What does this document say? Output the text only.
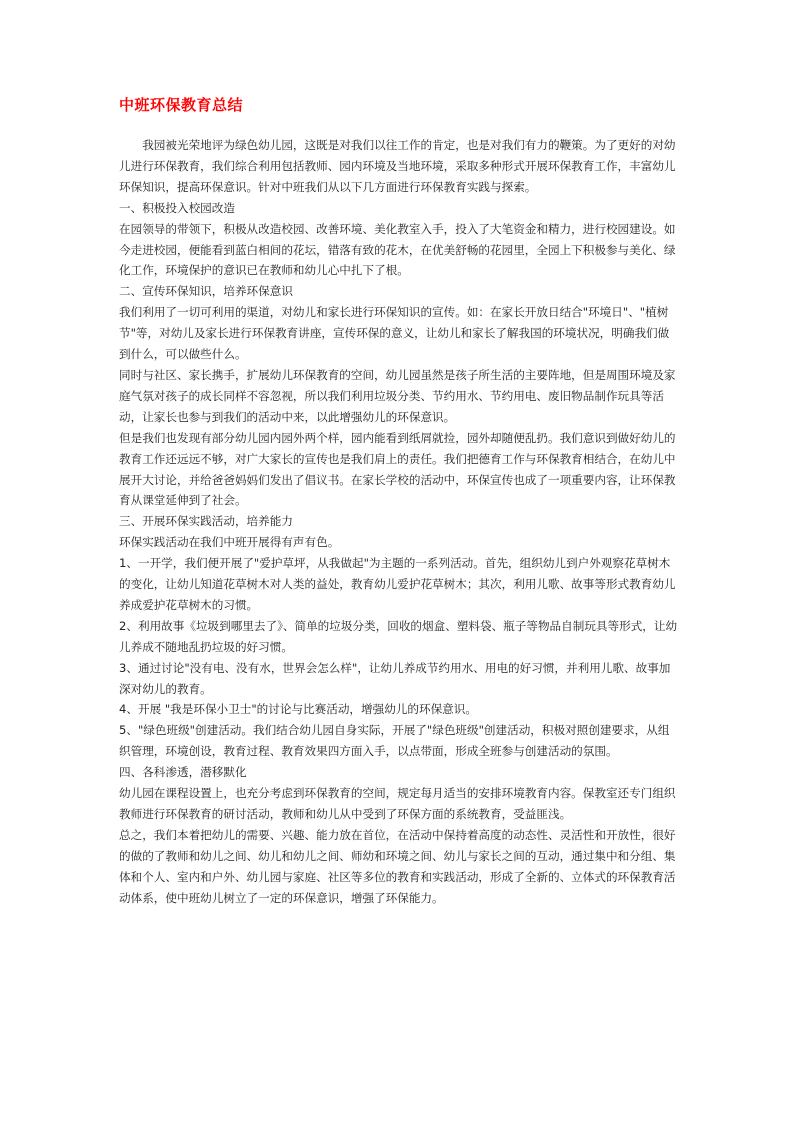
中班环保教育总结

我园被光荣地评为绿色幼儿园，这既是对我们以往工作的肯定，也是对我们有力的鞭策。为了更好的对幼儿进行环保教育，我们综合利用包括教师、园内环境及当地环境，采取多种形式开展环保教育工作，丰富幼儿环保知识，提高环保意识。针对中班我们从以下几方面进行环保教育实践与探索。

一、积极投入校园改造

在园领导的带领下，积极从改造校园、改善环境、美化教室入手，投入了大笔资金和精力，进行校园建设。如今走进校园，便能看到蓝白相间的花坛，错落有致的花木，在优美舒畅的花园里，全园上下积极参与美化、绿化工作，环境保护的意识已在教师和幼儿心中扎下了根。

二、宣传环保知识，培养环保意识

我们利用了一切可利用的渠道，对幼儿和家长进行环保知识的宣传。如：在家长开放日结合"环境日"、"植树节"等，对幼儿及家长进行环保教育讲座，宣传环保的意义，让幼儿和家长了解我国的环境状况，明确我们做到什么，可以做些什么。

同时与社区、家长携手，扩展幼儿环保教育的空间，幼儿园虽然是孩子所生活的主要阵地，但是周围环境及家庭气氛对孩子的成长同样不容忽视，所以我们利用垃圾分类、节约用水、节约用电、废旧物品制作玩具等活动，让家长也参与到我们的活动中来，以此增强幼儿的环保意识。

但是我们也发现有部分幼儿园内园外两个样，园内能看到纸屑就捡，园外却随便乱扔。我们意识到做好幼儿的教育工作还远远不够，对广大家长的宣传也是我们肩上的责任。我们把德育工作与环保教育相结合，在幼儿中展开大讨论，并给爸爸妈妈们发出了倡议书。在家长学校的活动中，环保宣传也成了一项重要内容，让环保教育从课堂延伸到了社会。

三、开展环保实践活动，培养能力

环保实践活动在我们中班开展得有声有色。

1、一开学，我们便开展了"爱护草坪，从我做起"为主题的一系列活动。首先，组织幼儿到户外观察花草树木的变化，让幼儿知道花草树木对人类的益处，教育幼儿爱护花草树木；其次，利用儿歌、故事等形式教育幼儿养成爱护花草树木的习惯。

2、利用故事《垃圾到哪里去了》、简单的垃圾分类，回收的烟盒、塑料袋、瓶子等物品自制玩具等形式，让幼儿养成不随地乱扔垃圾的好习惯。

3、通过讨论"没有电、没有水，世界会怎么样"，让幼儿养成节约用水、用电的好习惯，并利用儿歌、故事加深对幼儿的教育。

4、开展 "我是环保小卫士"的讨论与比赛活动，增强幼儿的环保意识。

5、"绿色班级"创建活动。我们结合幼儿园自身实际，开展了"绿色班级"创建活动，积极对照创建要求，从组织管理，环境创设，教育过程、教育效果四方面入手，以点带面，形成全班参与创建活动的氛围。

四、各科渗透，潜移默化

幼儿园在课程设置上，也充分考虑到环保教育的空间，规定每月适当的安排环境教育内容。保教室还专门组织教师进行环保教育的研讨活动，教师和幼儿从中受到了环保方面的系统教育，受益匪浅。

总之，我们本着把幼儿的需要、兴趣、能力放在首位，在活动中保持着高度的动态性、灵活性和开放性，很好的做的了教师和幼儿之间、幼儿和幼儿之间、师幼和环境之间、幼儿与家长之间的互动，通过集中和分组、集体和个人、室内和户外、幼儿园与家庭、社区等多位的教育和实践活动，形成了全新的、立体式的环保教育活动体系，使中班幼儿树立了一定的环保意识，增强了环保能力。
